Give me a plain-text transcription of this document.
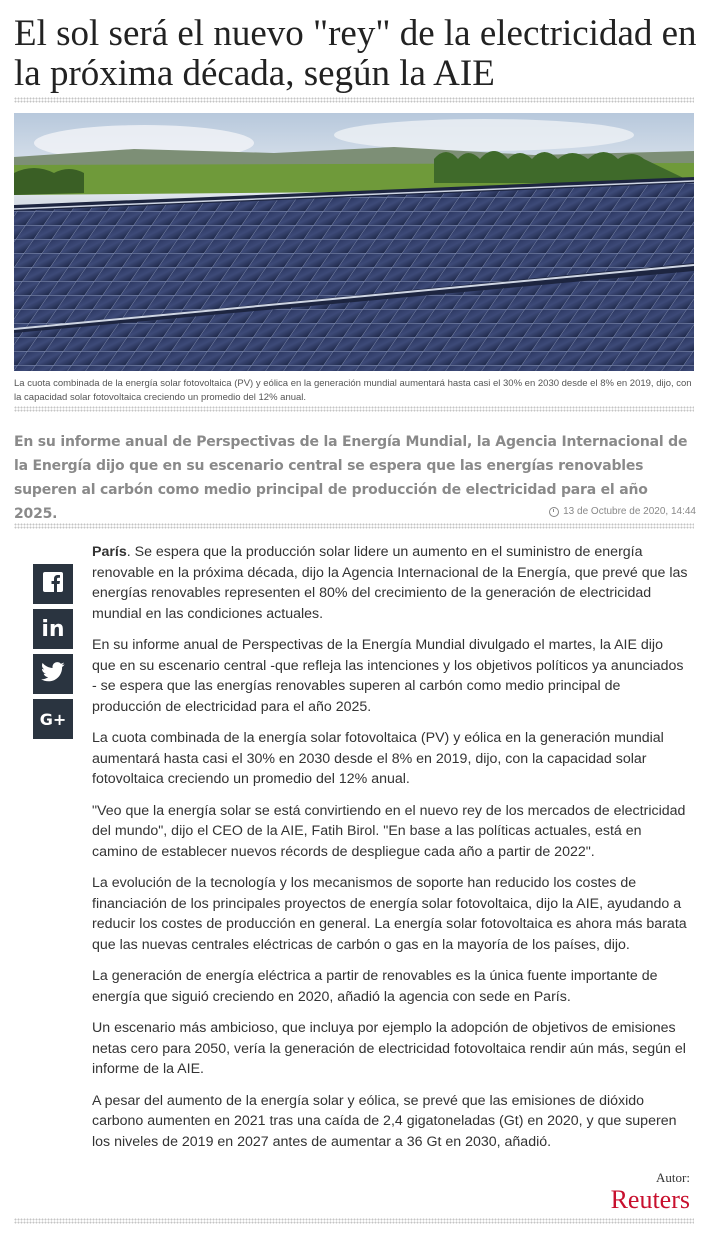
El sol será el nuevo "rey" de la electricidad en la próxima década, según la AIE
La cuota combinada de la energía solar fotovoltaica (PV) y eólica en la generación mundial aumentará hasta casi el 30% en 2030 desde el 8% en 2019, dijo, con la capacidad solar fotovoltaica creciendo un promedio del 12% anual.
En su informe anual de Perspectivas de la Energía Mundial, la Agencia Internacional de la Energía dijo que en su escenario central se espera que las energías renovables superen al carbón como medio principal de producción de electricidad para el año 2025.	13 de Octubre de 2020, 14:44
in
G+

París. Se espera que la producción solar lidere un aumento en el suministro de energía renovable en la próxima década, dijo la Agencia Internacional de la Energía, que prevé que las energías renovables representen el 80% del crecimiento de la generación de electricidad mundial en las condiciones actuales.

En su informe anual de Perspectivas de la Energía Mundial divulgado el martes, la AIE dijo que en su escenario central -que refleja las intenciones y los objetivos políticos ya anunciados - se espera que las energías renovables superen al carbón como medio principal de producción de electricidad para el año 2025.

La cuota combinada de la energía solar fotovoltaica (PV) y eólica en la generación mundial aumentará hasta casi el 30% en 2030 desde el 8% en 2019, dijo, con la capacidad solar fotovoltaica creciendo un promedio del 12% anual.

"Veo que la energía solar se está convirtiendo en el nuevo rey de los mercados de electricidad del mundo", dijo el CEO de la AIE, Fatih Birol. "En base a las políticas actuales, está en camino de establecer nuevos récords de despliegue cada año a partir de 2022".

La evolución de la tecnología y los mecanismos de soporte han reducido los costes de financiación de los principales proyectos de energía solar fotovoltaica, dijo la AIE, ayudando a reducir los costes de producción en general. La energía solar fotovoltaica es ahora más barata que las nuevas centrales eléctricas de carbón o gas en la mayoría de los países, dijo.

La generación de energía eléctrica a partir de renovables es la única fuente importante de energía que siguió creciendo en 2020, añadió la agencia con sede en París.

Un escenario más ambicioso, que incluya por ejemplo la adopción de objetivos de emisiones netas cero para 2050, vería la generación de electricidad fotovoltaica rendir aún más, según el informe de la AIE.

A pesar del aumento de la energía solar y eólica, se prevé que las emisiones de dióxido carbono aumenten en 2021 tras una caída de 2,4 gigatoneladas (Gt) en 2020, y que superen los niveles de 2019 en 2027 antes de aumentar a 36 Gt en 2030, añadió.

Autor:
Reuters
